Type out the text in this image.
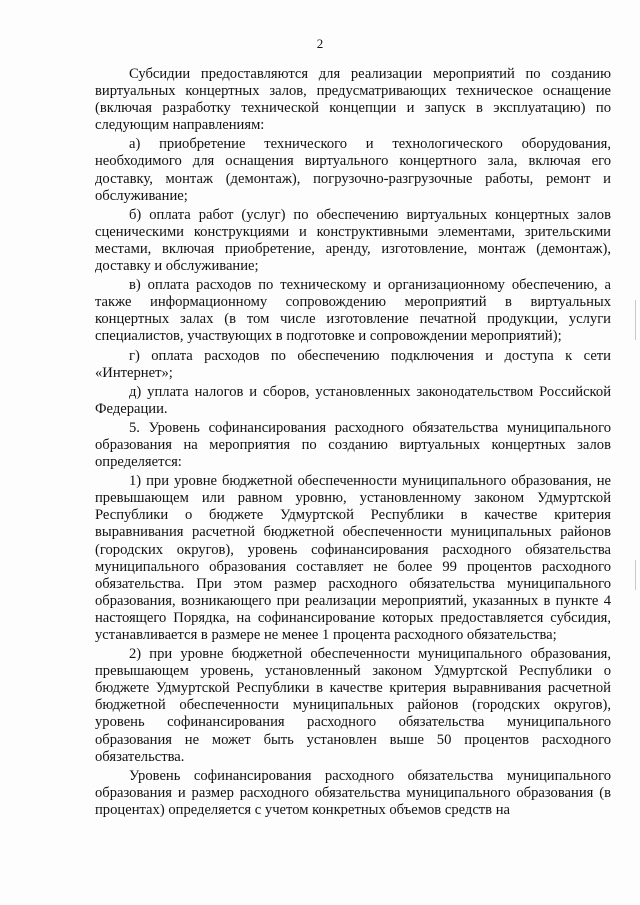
2

Субсидии предоставляются для реализации мероприятий по созданию виртуальных концертных залов, предусматривающих техническое оснащение (включая разработку технической концепции и запуск в эксплуатацию) по следующим направлениям:

а) приобретение технического и технологического оборудования, необходимого для оснащения виртуального концертного зала, включая его доставку, монтаж (демонтаж), погрузочно-разгрузочные работы, ремонт и обслуживание;

б) оплата работ (услуг) по обеспечению виртуальных концертных залов сценическими конструкциями и конструктивными элементами, зрительскими местами, включая приобретение, аренду, изготовление, монтаж (демонтаж), доставку и обслуживание;

в) оплата расходов по техническому и организационному обеспечению, а также информационному сопровождению мероприятий в виртуальных концертных залах (в том числе изготовление печатной продукции, услуги специалистов, участвующих в подготовке и сопровождении мероприятий);

г) оплата расходов по обеспечению подключения и доступа к сети «Интернет»;

д) уплата налогов и сборов, установленных законодательством Российской Федерации.

5. Уровень софинансирования расходного обязательства муниципального образования на мероприятия по созданию виртуальных концертных залов определяется:

1) при уровне бюджетной обеспеченности муниципального образования, не превышающем или равном уровню, установленному законом Удмуртской Республики о бюджете Удмуртской Республики в качестве критерия выравнивания расчетной бюджетной обеспеченности муниципальных районов (городских округов), уровень софинансирования расходного обязательства муниципального образования составляет не более 99 процентов расходного обязательства. При этом размер расходного обязательства муниципального образования, возникающего при реализации мероприятий, указанных в пункте 4 настоящего Порядка, на софинансирование которых предоставляется субсидия, устанавливается в размере не менее 1 процента расходного обязательства;

2) при уровне бюджетной обеспеченности муниципального образования, превышающем уровень, установленный законом Удмуртской Республики о бюджете Удмуртской Республики в качестве критерия выравнивания расчетной бюджетной обеспеченности муниципальных районов (городских округов), уровень софинансирования расходного обязательства муниципального образования не может быть установлен выше 50 процентов расходного обязательства.

Уровень софинансирования расходного обязательства муниципального образования и размер расходного обязательства муниципального образования (в процентах) определяется с учетом конкретных объемов средств на
